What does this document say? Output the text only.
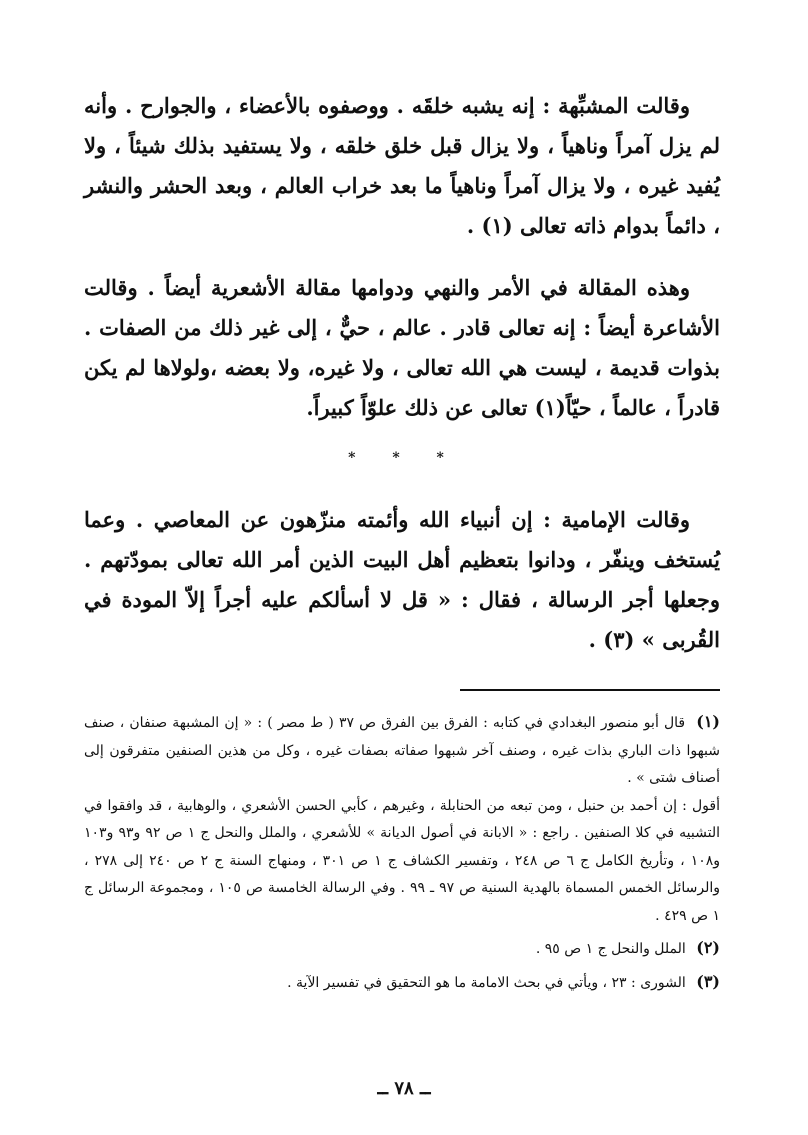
وقالت المشبِّهة : إنه يشبه خلقَه . ووصفوه بالأعضاء ، والجوارح . وأنه لم يزل آمراً وناهياً ، ولا يزال قبل خلق خلقه ، ولا يستفيد بذلك شيئاً ، ولا يُفيد غيره ، ولا يزال آمراً وناهياً ما بعد خراب العالم ، وبعد الحشر والنشر ، دائماً بدوام ذاته تعالى (١) .

وهذه المقالة في الأمر والنهي ودوامها مقالة الأشعرية أيضاً . وقالت الأشاعرة أيضاً : إنه تعالى قادر . عالم ، حيٌّ ، إلى غير ذلك من الصفات . بذوات قديمة ، ليست هي الله تعالى ، ولا غيره، ولا بعضه ،ولولاها لم يكن قادراً ، عالماً ، حيّاً(١) تعالى عن ذلك علوّاً كبيراً.

* * *

وقالت الإمامية : إن أنبياء الله وأئمته منزّهون عن المعاصي . وعما يُستخف وينفّر ، ودانوا بتعظيم أهل البيت الذين أمر الله تعالى بمودّتهم . وجعلها أجر الرسالة ، فقال : « قل لا أسألكم عليه أجراً إلاّ المودة في القُربى » (٣) .

(١) قال أبو منصور البغدادي في كتابه : الفرق بين الفرق ص ٣٧ ( ط مصر ) : « إن المشبهة صنفان ، صنف شبهوا ذات الباري بذات غيره ، وصنف آخر شبهوا صفاته بصفات غيره ، وكل من هذين الصنفين متفرقون إلى أصناف شتى » .

أقول : إن أحمد بن حنبل ، ومن تبعه من الحنابلة ، وغيرهم ، كأبي الحسن الأشعري ، والوهابية ، قد وافقوا في التشبيه في كلا الصنفين . راجع : « الابانة في أصول الديانة » للأشعري ، والملل والنحل ج ١ ص ٩٢ و٩٣ و١٠٣ و١٠٨ ، وتأريخ الكامل ج ٦ ص ٢٤٨ ، وتفسير الكشاف ج ١ ص ٣٠١ ، ومنهاج السنة ج ٢ ص ٢٤٠ إلى ٢٧٨ ، والرسائل الخمس المسماة بالهدية السنية ص ٩٧ ـ ٩٩ . وفي الرسالة الخامسة ص ١٠٥ ، ومجموعة الرسائل ج ١ ص ٤٢٩ .

(٢) الملل والنحل ج ١ ص ٩٥ .

(٣) الشورى : ٢٣ ، ويأتي في بحث الامامة ما هو التحقيق في تفسير الآية .

ــ ٧٨ ــ
